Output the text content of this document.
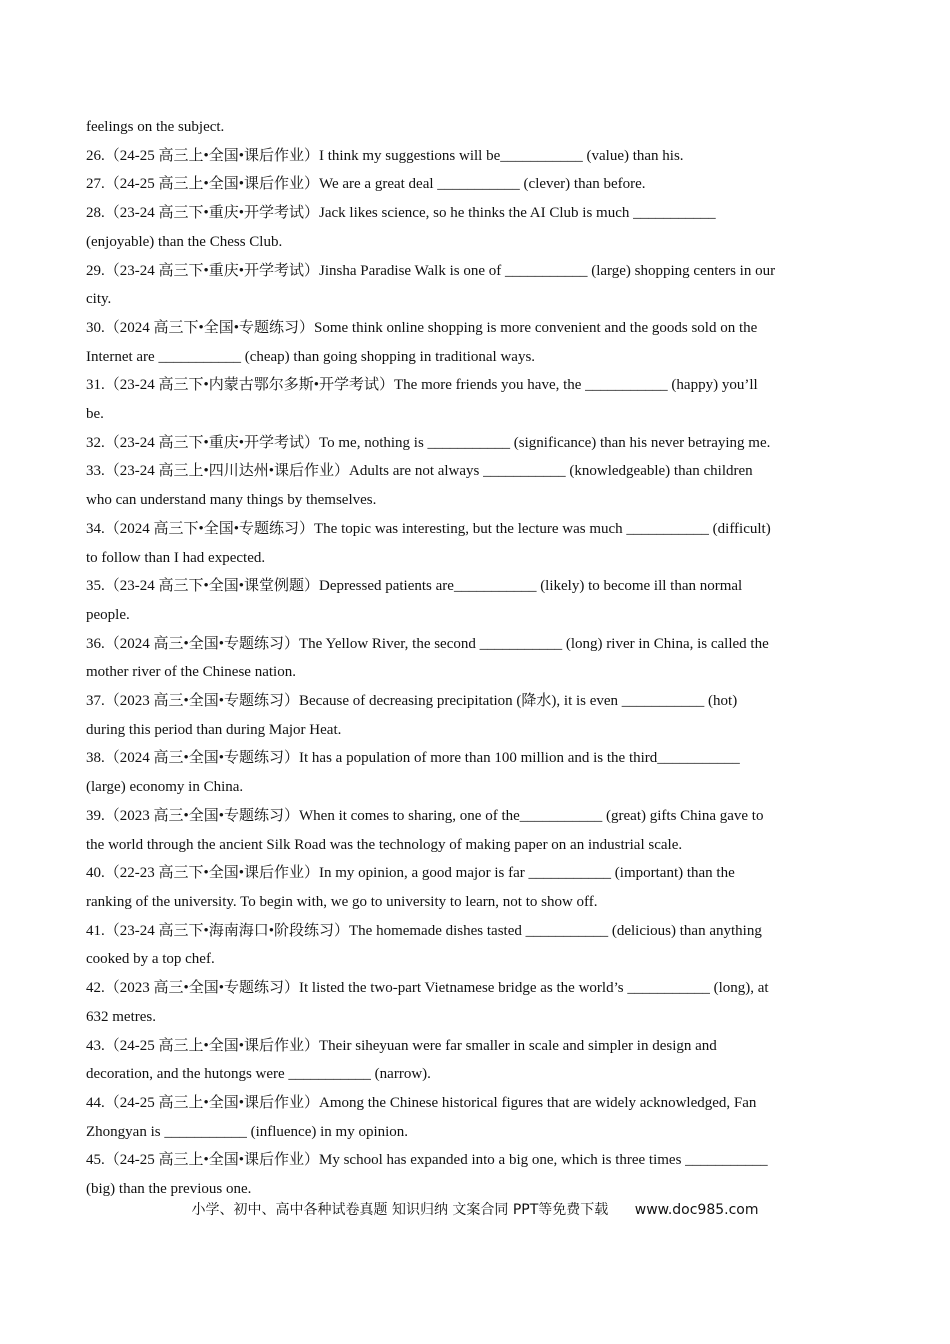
feelings on the subject.
26.（24-25 高三上•全国•课后作业）I think my suggestions will be___________ (value) than his.
27.（24-25 高三上•全国•课后作业）We are a great deal ___________ (clever) than before.
28.（23-24 高三下•重庆•开学考试）Jack likes science, so he thinks the AI Club is much ___________
(enjoyable) than the Chess Club.
29.（23-24 高三下•重庆•开学考试）Jinsha Paradise Walk is one of ___________ (large) shopping centers in our
city.
30.（2024 高三下•全国•专题练习）Some think online shopping is more convenient and the goods sold on the
Internet are ___________ (cheap) than going shopping in traditional ways.
31.（23-24 高三下•内蒙古鄂尔多斯•开学考试）The more friends you have, the ___________ (happy) you’ll
be.
32.（23-24 高三下•重庆•开学考试）To me, nothing is ___________ (significance) than his never betraying me.
33.（23-24 高三上•四川达州•课后作业）Adults are not always ___________ (knowledgeable) than children
who can understand many things by themselves.
34.（2024 高三下•全国•专题练习）The topic was interesting, but the lecture was much ___________ (difficult)
to follow than I had expected.
35.（23-24 高三下•全国•课堂例题）Depressed patients are___________ (likely) to become ill than normal
people.
36.（2024 高三•全国•专题练习）The Yellow River, the second ___________ (long) river in China, is called the
mother river of the Chinese nation.
37.（2023 高三•全国•专题练习）Because of decreasing precipitation (降水), it is even ___________ (hot)
during this period than during Major Heat.
38.（2024 高三•全国•专题练习）It has a population of more than 100 million and is the third___________
(large) economy in China.
39.（2023 高三•全国•专题练习）When it comes to sharing, one of the___________ (great) gifts China gave to
the world through the ancient Silk Road was the technology of making paper on an industrial scale.
40.（22-23 高三下•全国•课后作业）In my opinion, a good major is far ___________ (important) than the
ranking of the university. To begin with, we go to university to learn, not to show off.
41.（23-24 高三下•海南海口•阶段练习）The homemade dishes tasted ___________ (delicious) than anything
cooked by a top chef.
42.（2023 高三•全国•专题练习）It listed the two-part Vietnamese bridge as the world’s ___________ (long), at
632 metres.
43.（24-25 高三上•全国•课后作业）Their siheyuan were far smaller in scale and simpler in design and
decoration, and the hutongs were ___________ (narrow).
44.（24-25 高三上•全国•课后作业）Among the Chinese historical figures that are widely acknowledged, Fan
Zhongyan is ___________ (influence) in my opinion.
45.（24-25 高三上•全国•课后作业）My school has expanded into a big one, which is three times ___________
(big) than the previous one.
小学、初中、高中各种试卷真题 知识归纳 文案合同 PPT等免费下载 www.doc985.com
